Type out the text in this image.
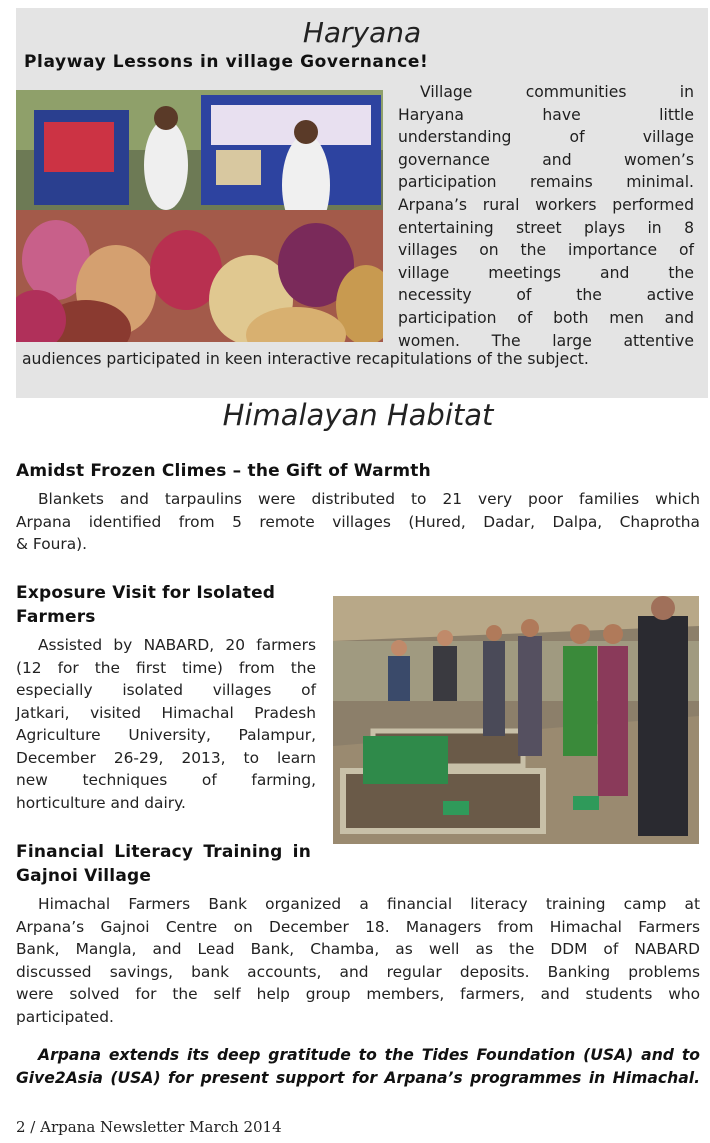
Haryana
Playway Lessons in village Governance!
Village communities in
Haryana have little
understanding of village
governance and women’s
participation remains minimal.
Arpana’s rural workers performed
entertaining street plays in 8
villages on the importance of
village meetings and the
necessity of the active
participation of both men and
women. The large attentive
audiences participated in keen interactive recapitulations of the subject.
Himalayan Habitat
Amidst Frozen Climes – the Gift of Warmth
Blankets and tarpaulins were distributed to 21 very poor families which
Arpana identified from 5 remote villages (Hured, Dadar, Dalpa, Chaprotha
& Foura).
Exposure Visit for Isolated
Farmers
Assisted by NABARD, 20 farmers
(12 for the first time) from the
especially isolated villages of
Jatkari, visited Himachal Pradesh
Agriculture University, Palampur,
December 26-29, 2013, to learn
new techniques of farming,
horticulture and dairy.
Financial Literacy Training in
Gajnoi Village
Himachal Farmers Bank organized a financial literacy training camp at
Arpana’s Gajnoi Centre on December 18. Managers from Himachal Farmers
Bank, Mangla, and Lead Bank, Chamba, as well as the DDM of NABARD
discussed savings, bank accounts, and regular deposits. Banking problems
were solved for the self help group members, farmers, and students who
participated.
Arpana extends its deep gratitude to the Tides Foundation (USA) and to
Give2Asia (USA) for present support for Arpana’s programmes in Himachal.
2 / Arpana Newsletter March 2014
